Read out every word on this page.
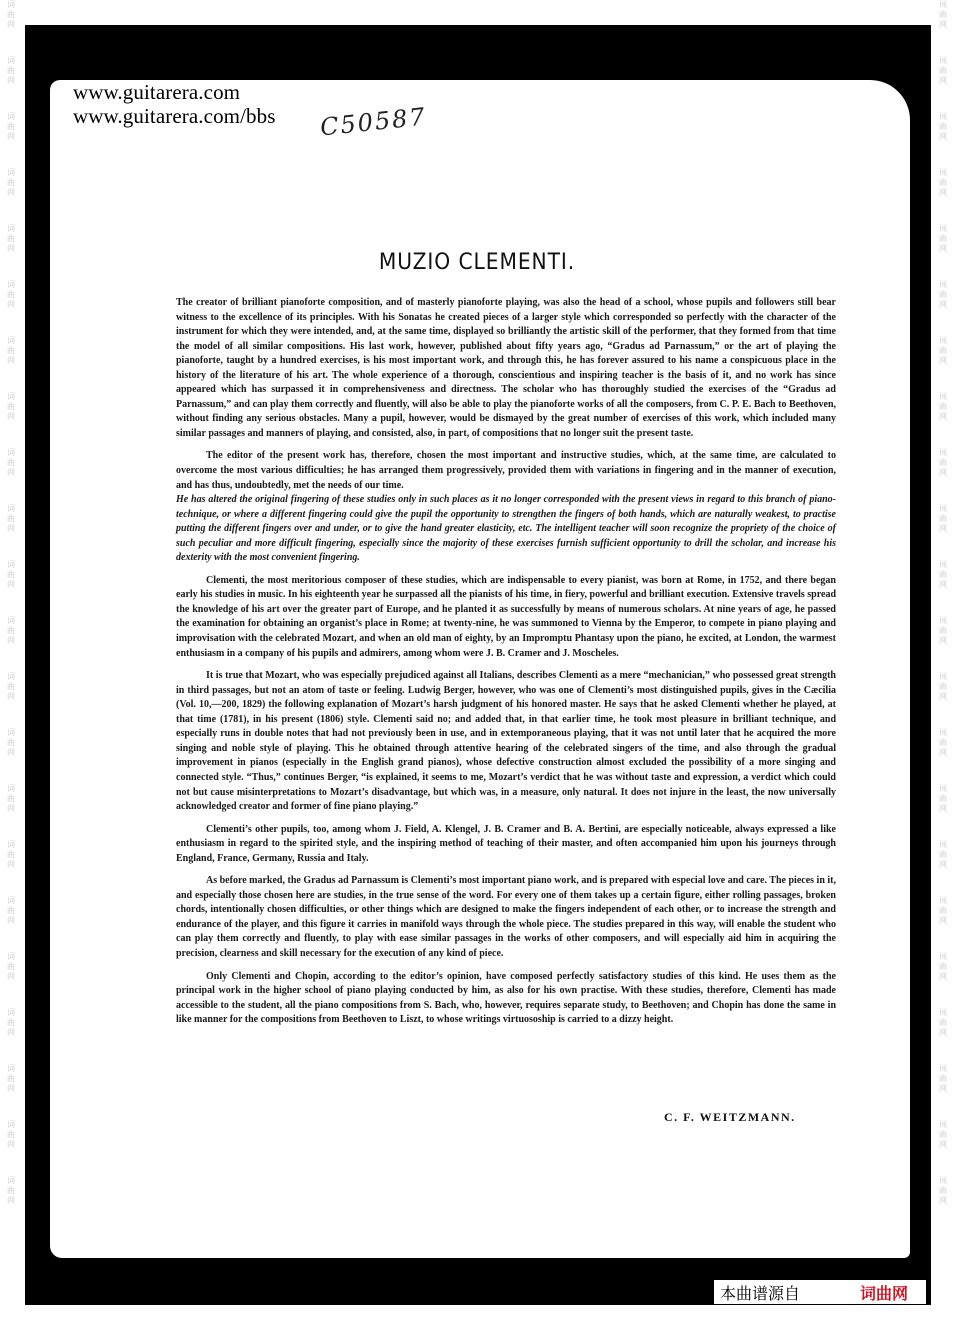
词
曲
网
词
曲
网
词
曲
网
词
曲
网
词
曲
网
词
曲
网
词
曲
网
词
曲
网
词
曲
网
词
曲
网
词
曲
网
词
曲
网
词
曲
网
词
曲
网
词
曲
网
词
曲
网
词
曲
网
词
曲
网
词
曲
网
词
曲
网
词
曲
网
词
曲
网
词
曲
网
词
曲
网
词
曲
网
词
曲
网
词
曲
网
词
曲
网
词
曲
网
词
曲
网
词
曲
网
词
曲
网
词
曲
网
词
曲
网
词
曲
网
词
曲
网
词
曲
网
词
曲
网
词
曲
网
词
曲
网
词
曲
网
词
曲
网
词
曲
网
词
曲
网
www.guitarera.com
www.guitarera.com/bbs C50587
MUZIO CLEMENTI.

The creator of brilliant pianoforte composition, and of masterly pianoforte playing, was also the head of a school, whose pupils and followers still bear witness to the excellence of its principles. With his Sonatas he created pieces of a larger style which corresponded so perfectly with the character of the instrument for which they were intended, and, at the same time, displayed so brilliantly the artistic skill of the performer, that they formed from that time the model of all similar compositions. His last work, however, published about fifty years ago, “Gradus ad Parnassum,” or the art of playing the pianoforte, taught by a hundred exercises, is his most important work, and through this, he has forever assured to his name a conspicuous place in the history of the literature of his art. The whole experience of a thorough, conscientious and inspiring teacher is the basis of it, and no work has since appeared which has surpassed it in comprehensiveness and directness. The scholar who has thoroughly studied the exercises of the “Gradus ad Parnassum,” and can play them correctly and fluently, will also be able to play the pianoforte works of all the composers, from C. P. E. Bach to Beethoven, without finding any serious obstacles. Many a pupil, however, would be dismayed by the great number of exercises of this work, which included many similar passages and manners of playing, and consisted, also, in part, of compositions that no longer suit the present taste.

The editor of the present work has, therefore, chosen the most important and instructive studies, which, at the same time, are calculated to overcome the most various difficulties; he has arranged them progressively, provided them with variations in fingering and in the manner of execution, and has thus, undoubtedly, met the needs of our time.

He has altered the original fingering of these studies only in such places as it no longer corresponded with the present views in regard to this branch of piano-technique, or where a different fingering could give the pupil the opportunity to strengthen the fingers of both hands, which are naturally weakest, to practise putting the different fingers over and under, or to give the hand greater elasticity, etc. The intelligent teacher will soon recognize the propriety of the choice of such peculiar and more difficult fingering, especially since the majority of these exercises furnish sufficient opportunity to drill the scholar, and increase his dexterity with the most convenient fingering.

Clementi, the most meritorious composer of these studies, which are indispensable to every pianist, was born at Rome, in 1752, and there began early his studies in music. In his eighteenth year he surpassed all the pianists of his time, in fiery, powerful and brilliant execution. Extensive travels spread the knowledge of his art over the greater part of Europe, and he planted it as successfully by means of numerous scholars. At nine years of age, he passed the examination for obtaining an organist’s place in Rome; at twenty-nine, he was summoned to Vienna by the Emperor, to compete in piano playing and improvisation with the celebrated Mozart, and when an old man of eighty, by an Impromptu Phantasy upon the piano, he excited, at London, the warmest enthusiasm in a company of his pupils and admirers, among whom were J. B. Cramer and J. Moscheles.

It is true that Mozart, who was especially prejudiced against all Italians, describes Clementi as a mere “mechanician,” who possessed great strength in third passages, but not an atom of taste or feeling. Ludwig Berger, however, who was one of Clementi’s most distinguished pupils, gives in the Cæcilia (Vol. 10,—200, 1829) the following explanation of Mozart’s harsh judgment of his honored master. He says that he asked Clementi whether he played, at that time (1781), in his present (1806) style. Clementi said no; and added that, in that earlier time, he took most pleasure in brilliant technique, and especially runs in double notes that had not previously been in use, and in extemporaneous playing, that it was not until later that he acquired the more singing and noble style of playing. This he obtained through attentive hearing of the celebrated singers of the time, and also through the gradual improvement in pianos (especially in the English grand pianos), whose defective construction almost excluded the possibility of a more singing and connected style. “Thus,” continues Berger, “is explained, it seems to me, Mozart’s verdict that he was without taste and expression, a verdict which could not but cause misinterpretations to Mozart’s disadvantage, but which was, in a measure, only natural. It does not injure in the least, the now universally acknowledged creator and former of fine piano playing.”

Clementi’s other pupils, too, among whom J. Field, A. Klengel, J. B. Cramer and B. A. Bertini, are especially noticeable, always expressed a like enthusiasm in regard to the spirited style, and the inspiring method of teaching of their master, and often accompanied him upon his journeys through England, France, Germany, Russia and Italy.

As before marked, the Gradus ad Parnassum is Clementi’s most important piano work, and is prepared with especial love and care. The pieces in it, and especially those chosen here are studies, in the true sense of the word. For every one of them takes up a certain figure, either rolling passages, broken chords, intentionally chosen difficulties, or other things which are designed to make the fingers independent of each other, or to increase the strength and endurance of the player, and this figure it carries in manifold ways through the whole piece. The studies prepared in this way, will enable the student who can play them correctly and fluently, to play with ease similar passages in the works of other composers, and will especially aid him in acquiring the precision, clearness and skill necessary for the execution of any kind of piece.

Only Clementi and Chopin, according to the editor’s opinion, have composed perfectly satisfactory studies of this kind. He uses them as the principal work in the higher school of piano playing conducted by him, as also for his own practise. With these studies, therefore, Clementi has made accessible to the student, all the piano compositions from S. Bach, who, however, requires separate study, to Beethoven; and Chopin has done the same in like manner for the compositions from Beethoven to Liszt, to whose writings virtuosoship is carried to a dizzy height.

C. F. WEITZMANN.
本曲谱源自	词曲网
